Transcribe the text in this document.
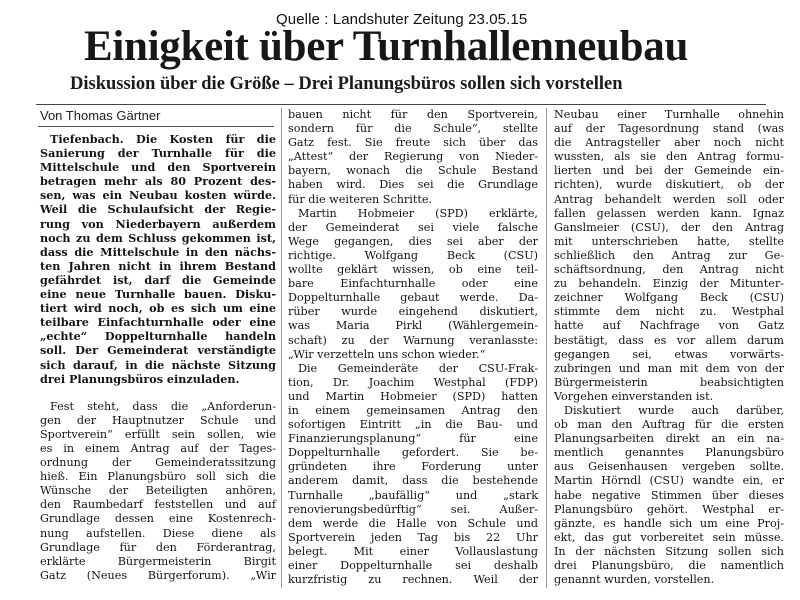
Quelle : Landshuter Zeitung 23.05.15
Einigkeit über Turnhallenneubau
Diskussion über die Größe – Drei Planungsbüros sollen sich vorstellen
Von Thomas Gärtner
Tiefenbach. Die Kosten für die
Sanierung der Turnhalle für die
Mittelschule und den Sportverein
betragen mehr als 80 Prozent des-
sen, was ein Neubau kosten würde.
Weil die Schulaufsicht der Regie-
rung von Niederbayern außerdem
noch zu dem Schluss gekommen ist,
dass die Mittelschule in den nächs-
ten Jahren nicht in ihrem Bestand
gefährdet ist, darf die Gemeinde
eine neue Turnhalle bauen. Disku-
tiert wird noch, ob es sich um eine
teilbare Einfachturnhalle oder eine
„echte“ Doppelturnhalle handeln
soll. Der Gemeinderat verständigte
sich darauf, in die nächste Sitzung
drei Planungsbüros einzuladen.
Fest steht, dass die „Anforderun-
gen der Hauptnutzer Schule und
Sportverein“ erfüllt sein sollen, wie
es in einem Antrag auf der Tages-
ordnung der Gemeinderatssitzung
hieß. Ein Planungsbüro soll sich die
Wünsche der Beteiligten anhören,
den Raumbedarf feststellen und auf
Grundlage dessen eine Kostenrech-
nung aufstellen. Diese diene als
Grundlage für den Förderantrag,
erklärte Bürgermeisterin Birgit
Gatz (Neues Bürgerforum). „Wir
bauen nicht für den Sportverein,
sondern für die Schule“, stellte
Gatz fest. Sie freute sich über das
„Attest“ der Regierung von Nieder-
bayern, wonach die Schule Bestand
haben wird. Dies sei die Grundlage
für die weiteren Schritte.
Martin Hobmeier (SPD) erklärte,
der Gemeinderat sei viele falsche
Wege gegangen, dies sei aber der
richtige. Wolfgang Beck (CSU)
wollte geklärt wissen, ob eine teil-
bare Einfachturnhalle oder eine
Doppelturnhalle gebaut werde. Da-
rüber wurde eingehend diskutiert,
was Maria Pirkl (Wählergemein-
schaft) zu der Warnung veranlasste:
„Wir verzetteln uns schon wieder.“
Die Gemeinderäte der CSU-Frak-
tion, Dr. Joachim Westphal (FDP)
und Martin Hobmeier (SPD) hatten
in einem gemeinsamen Antrag den
sofortigen Eintritt „in die Bau- und
Finanzierungsplanung“ für eine
Doppelturnhalle gefordert. Sie be-
gründeten ihre Forderung unter
anderem damit, dass die bestehende
Turnhalle „baufällig“ und „stark
renovierungsbedürftig“ sei. Außer-
dem werde die Halle von Schule und
Sportverein jeden Tag bis 22 Uhr
belegt. Mit einer Vollauslastung
einer Doppelturnhalle sei deshalb
kurzfristig zu rechnen. Weil der
Neubau einer Turnhalle ohnehin
auf der Tagesordnung stand (was
die Antragsteller aber noch nicht
wussten, als sie den Antrag formu-
lierten und bei der Gemeinde ein-
richten), wurde diskutiert, ob der
Antrag behandelt werden soll oder
fallen gelassen werden kann. Ignaz
Ganslmeier (CSU), der den Antrag
mit unterschrieben hatte, stellte
schließlich den Antrag zur Ge-
schäftsordnung, den Antrag nicht
zu behandeln. Einzig der Mitunter-
zeichner Wolfgang Beck (CSU)
stimmte dem nicht zu. Westphal
hatte auf Nachfrage von Gatz
bestätigt, dass es vor allem darum
gegangen sei, etwas vorwärts-
zubringen und man mit dem von der
Bürgermeisterin beabsichtigten
Vorgehen einverstanden ist.
Diskutiert wurde auch darüber,
ob man den Auftrag für die ersten
Planungsarbeiten direkt an ein na-
mentlich genanntes Planungsbüro
aus Geisenhausen vergeben sollte.
Martin Hörndl (CSU) wandte ein, er
habe negative Stimmen über dieses
Planungsbüro gehört. Westphal er-
gänzte, es handle sich um eine Proj-
ekt, das gut vorbereitet sein müsse.
In der nächsten Sitzung sollen sich
drei Planungsbüro, die namentlich
genannt wurden, vorstellen.
